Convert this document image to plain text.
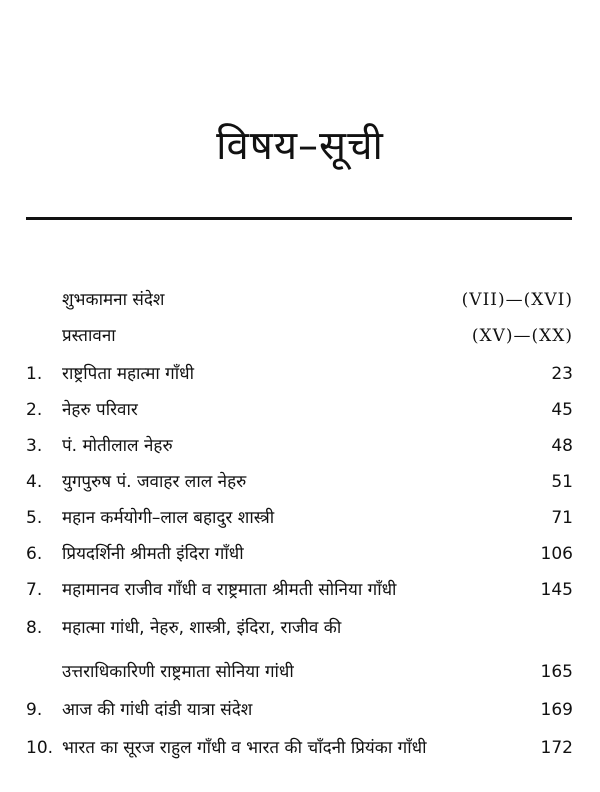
विषय–सूची
शुभकामना संदेश	(VII)—(XVI)
प्रस्तावना	(XV)—(XX)
1.	राष्ट्रपिता महात्मा गाँधी	23
2.	नेहरु परिवार	45
3.	पं. मोतीलाल नेहरु	48
4.	युगपुरुष पं. जवाहर लाल नेहरु	51
5.	महान कर्मयोगी–लाल बहादुर शास्त्री	71
6.	प्रियदर्शिनी श्रीमती इंदिरा गाँधी	106
7.	महामानव राजीव गाँधी व राष्ट्रमाता श्रीमती सोनिया गाँधी	145
8.	महात्मा गांधी, नेहरु, शास्त्री, इंदिरा, राजीव की
उत्तराधिकारिणी राष्ट्रमाता सोनिया गांधी	165
9.	आज की गांधी दांडी यात्रा संदेश	169
10. भारत का सूरज राहुल गाँधी व भारत की चाँदनी प्रियंका गाँधी	172
